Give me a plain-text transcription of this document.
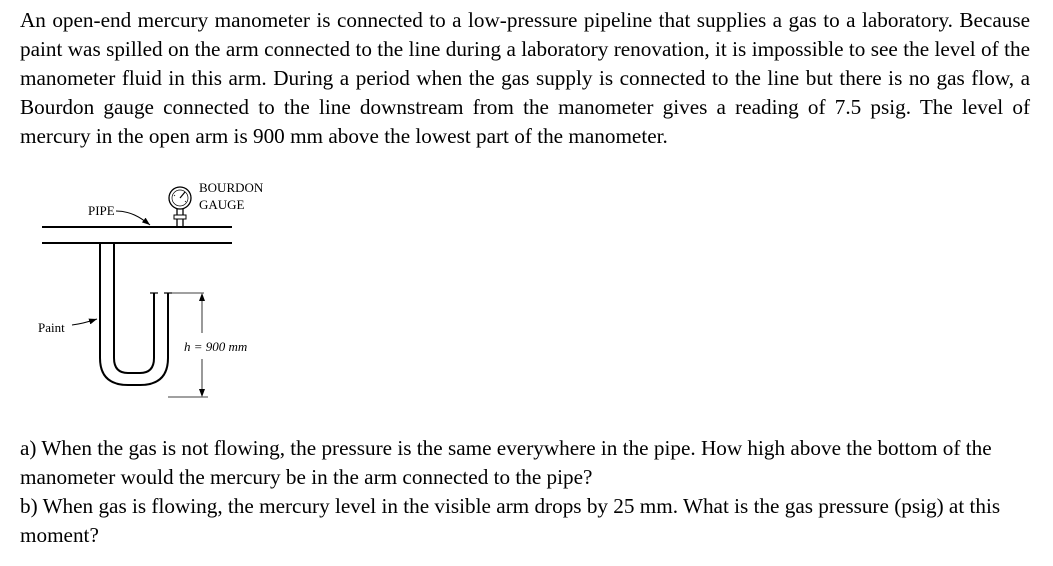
An open-end mercury manometer is connected to a low-pressure pipeline that supplies a gas to a laboratory. Because paint was spilled on the arm connected to the line during a laboratory renovation, it is impossible to see the level of the manometer fluid in this arm. During a period when the gas supply is connected to the line but there is no gas flow, a Bourdon gauge connected to the line downstream from the manometer gives a reading of 7.5 psig. The level of mercury in the open arm is 900 mm above the lowest part of the manometer.

PIPE
BOURDON
GAUGE
Paint
h = 900 mm

a) When the gas is not flowing, the pressure is the same everywhere in the pipe. How high above the bottom of the manometer would the mercury be in the arm connected to the pipe?

b) When gas is flowing, the mercury level in the visible arm drops by 25 mm. What is the gas pressure (psig) at this moment?
